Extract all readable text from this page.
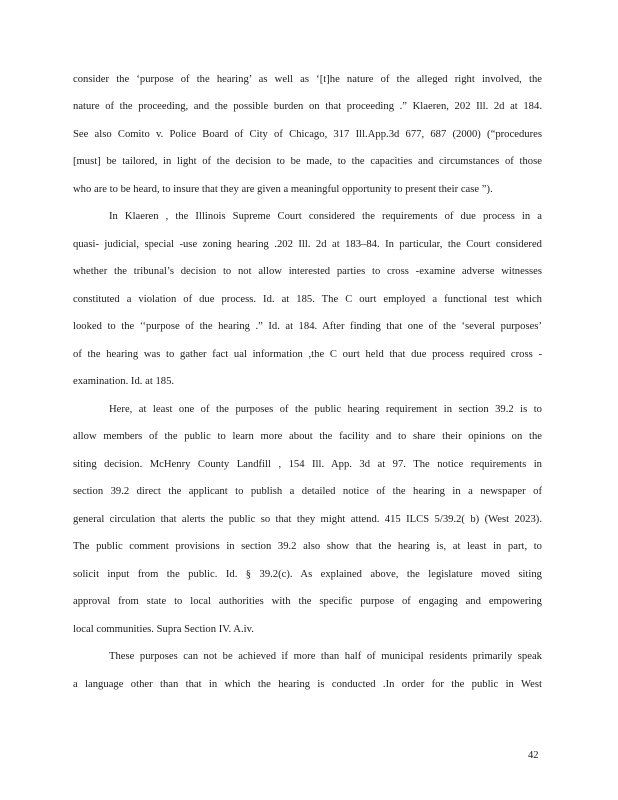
consider the ‘purpose of the hearing’ as well as ‘[t]he nature of the alleged right involved, the
nature of the proceeding, and the possible burden on that proceeding .” Klaeren, 202 Ill. 2d at 184.
See also Comito v. Police Board of City of Chicago, 317 Ill.App.3d 677, 687 (2000) (“procedures
[must] be tailored, in light of the decision to be made, to the capacities and circumstances of those
who are to be heard, to insure that they are given a meaningful opportunity to present their case ”).
In Klaeren , the Illinois Supreme Court considered the requirements of due process in a
quasi- judicial, special -use zoning hearing .202 Ill. 2d at 183–84. In particular, the Court considered
whether the tribunal’s decision to not allow interested parties to cross -examine adverse witnesses
constituted a violation of due process. Id. at 185. The C ourt employed a functional test which
looked to the ‘‘purpose of the hearing .” Id. at 184. After finding that one of the ‘several purposes’
of the hearing was to gather fact ual information ,the C ourt held that due process required cross -
examination. Id. at 185.
Here, at least one of the purposes of the public hearing requirement in section 39.2 is to
allow members of the public to learn more about the facility and to share their opinions on the
siting decision. McHenry County Landfill , 154 Ill. App. 3d at 97. The notice requirements in
section 39.2 direct the applicant to publish a detailed notice of the hearing in a newspaper of
general circulation that alerts the public so that they might attend. 415 ILCS 5/39.2( b) (West 2023).
The public comment provisions in section 39.2 also show that the hearing is, at least in part, to
solicit input from the public. Id. § 39.2(c). As explained above, the legislature moved siting
approval from state to local authorities with the specific purpose of engaging and empowering
local communities. Supra Section IV. A.iv.
These purposes can not be achieved if more than half of municipal residents primarily speak
a language other than that in which the hearing is conducted .In order for the public in West
42
